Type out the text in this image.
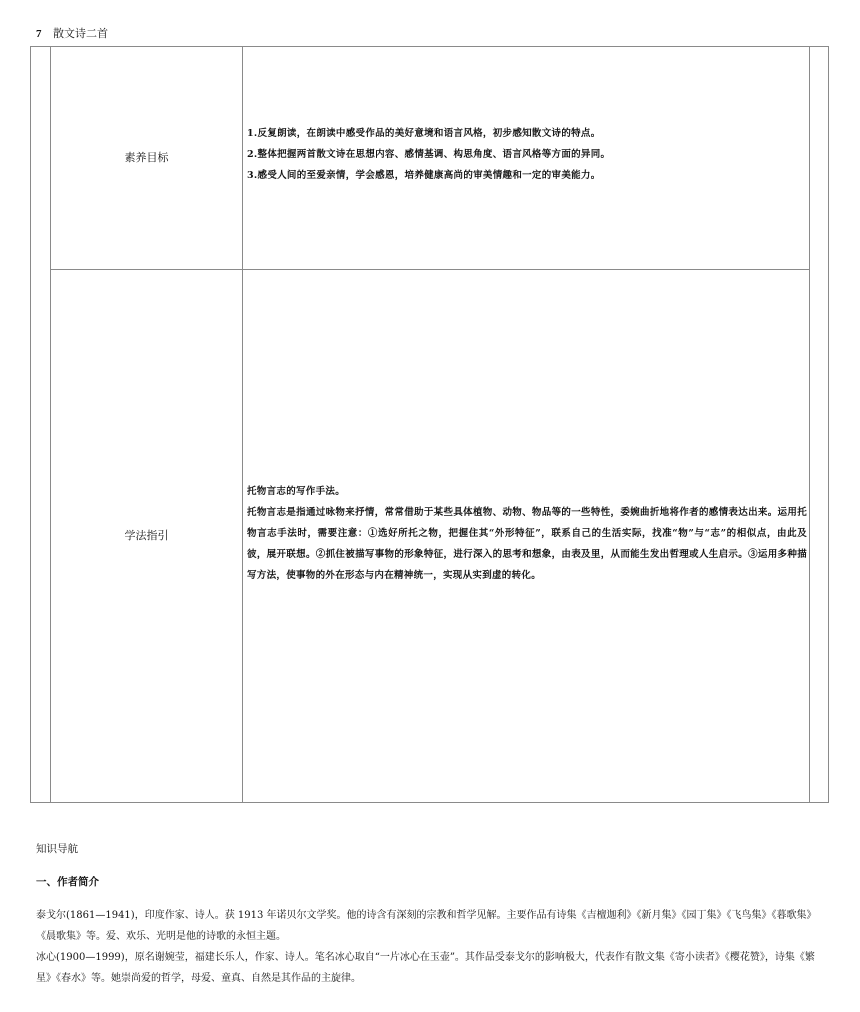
7 散文诗二首
素养目标

1.反复朗读，在朗读中感受作品的美好意境和语言风格，初步感知散文诗的特点。

2.整体把握两首散文诗在思想内容、感情基调、构思角度、语言风格等方面的异同。

3.感受人间的至爱亲情，学会感恩，培养健康高尚的审美情趣和一定的审美能力。

学法指引

托物言志的写作手法。

托物言志是指通过咏物来抒情，常常借助于某些具体植物、动物、物品等的一些特性，委婉曲折地将作者的感情表达出来。运用托物言志手法时，需要注意：①选好所托之物，把握住其“外形特征”，联系自己的生活实际，找准“物”与“志”的相似点，由此及彼，展开联想。②抓住被描写事物的形象特征，进行深入的思考和想象，由表及里，从而能生发出哲理或人生启示。③运用多种描写方法，使事物的外在形态与内在精神统一，实现从实到虚的转化。

知识导航
一、作者简介

泰戈尔(1861—1941)，印度作家、诗人。获 1913 年诺贝尔文学奖。他的诗含有深刻的宗教和哲学见解。主要作品有诗集《吉檀迦利》《新月集》《园丁集》《飞鸟集》《暮歌集》《晨歌集》等。爱、欢乐、光明是他的诗歌的永恒主题。

冰心(1900—1999)，原名谢婉莹，福建长乐人，作家、诗人。笔名冰心取自“一片冰心在玉壶”。其作品受泰戈尔的影响极大，代表作有散文集《寄小读者》《樱花赞》，诗集《繁星》《春水》等。她崇尚爱的哲学，母爱、童真、自然是其作品的主旋律。
